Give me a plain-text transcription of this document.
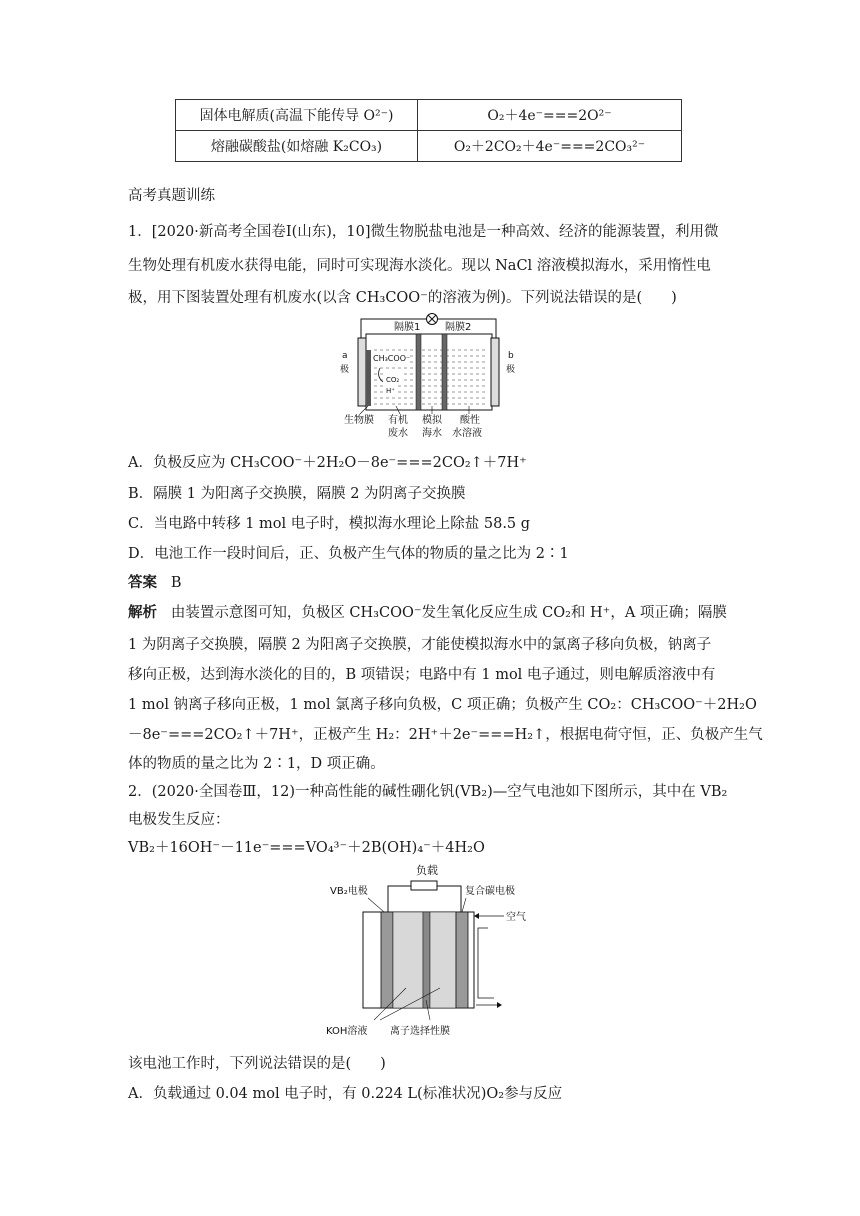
固体电解质(高温下能传导 O²⁻)	O₂＋4e⁻===2O²⁻
熔融碳酸盐(如熔融 K₂CO₃)	O₂＋2CO₂＋4e⁻===2CO₃²⁻
高考真题训练
1．[2020·新高考全国卷Ⅰ(山东)，10]微生物脱盐电池是一种高效、经济的能源装置，利用微
生物处理有机废水获得电能，同时可实现海水淡化。现以 NaCl 溶液模拟海水，采用惰性电
极，用下图装置处理有机废水(以含 CH₃COO⁻的溶液为例)。下列说法错误的是(　　)
隔膜1 隔膜2
a
极
b
极
CH₃COO⁻
CO₂
H⁺
生物膜 有机
废水
模拟
海水
酸性
水溶液
A．负极反应为 CH₃COO⁻＋2H₂O－8e⁻===2CO₂↑＋7H⁺
B．隔膜 1 为阳离子交换膜，隔膜 2 为阴离子交换膜
C．当电路中转移 1 mol 电子时，模拟海水理论上除盐 58.5 g
D．电池工作一段时间后，正、负极产生气体的物质的量之比为 2∶1
答案 B
解析 由装置示意图可知，负极区 CH₃COO⁻发生氧化反应生成 CO₂和 H⁺，A 项正确；隔膜
1 为阴离子交换膜，隔膜 2 为阳离子交换膜，才能使模拟海水中的氯离子移向负极，钠离子
移向正极，达到海水淡化的目的，B 项错误；电路中有 1 mol 电子通过，则电解质溶液中有
1 mol 钠离子移向正极，1 mol 氯离子移向负极，C 项正确；负极产生 CO₂：CH₃COO⁻＋2H₂O
－8e⁻===2CO₂↑＋7H⁺，正极产生 H₂：2H⁺＋2e⁻===H₂↑，根据电荷守恒，正、负极产生气
体的物质的量之比为 2∶1，D 项正确。
2．(2020·全国卷Ⅲ，12)一种高性能的碱性硼化钒(VB₂)—空气电池如下图所示，其中在 VB₂
电极发生反应：
VB₂＋16OH⁻－11e⁻===VO₄³⁻＋2B(OH)₄⁻＋4H₂O
负载
VB₂电极	复合碳电极
空气
KOH溶液 离子选择性膜
该电池工作时，下列说法错误的是(　　)
A．负载通过 0.04 mol 电子时，有 0.224 L(标准状况)O₂参与反应
